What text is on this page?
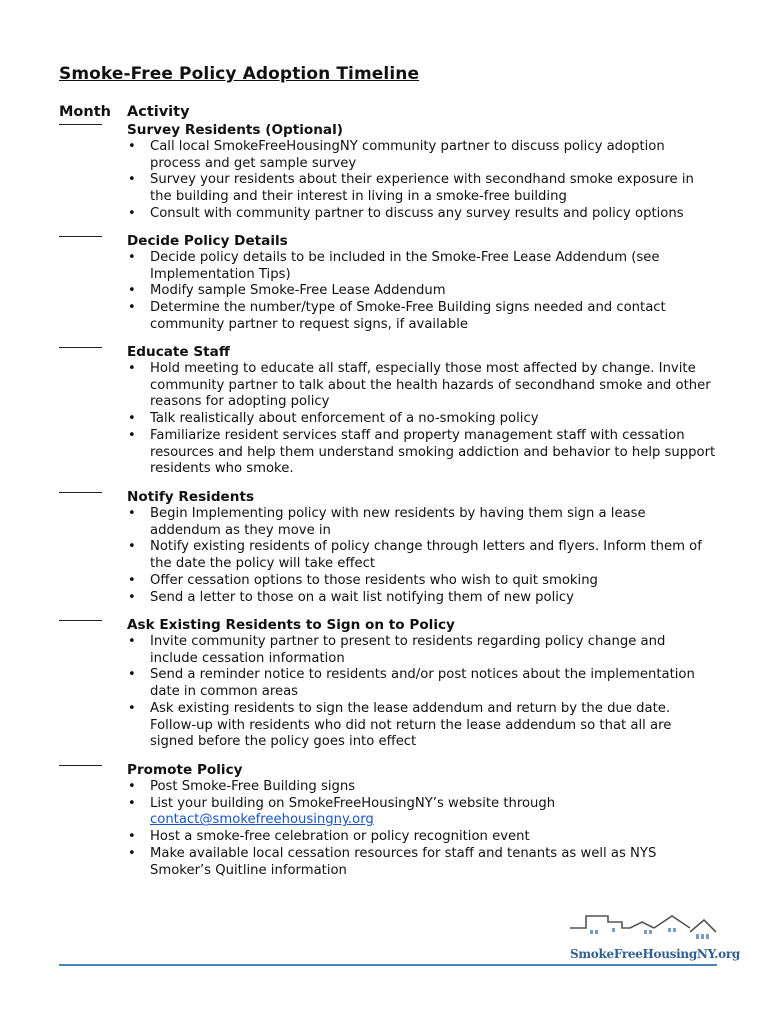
Smoke-Free Policy Adoption Timeline
Month Activity
Survey Residents (Optional)
• Call local SmokeFreeHousingNY community partner to discuss policy adoption process and get sample survey
• Survey your residents about their experience with secondhand smoke exposure in the building and their interest in living in a smoke-free building
• Consult with community partner to discuss any survey results and policy options
Decide Policy Details
• Decide policy details to be included in the Smoke-Free Lease Addendum (see Implementation Tips)
• Modify sample Smoke-Free Lease Addendum
• Determine the number/type of Smoke-Free Building signs needed and contact community partner to request signs, if available
Educate Staff
• Hold meeting to educate all staff, especially those most affected by change. Invite community partner to talk about the health hazards of secondhand smoke and other reasons for adopting policy
• Talk realistically about enforcement of a no-smoking policy
• Familiarize resident services staff and property management staff with cessation resources and help them understand smoking addiction and behavior to help support residents who smoke.
Notify Residents
• Begin Implementing policy with new residents by having them sign a lease addendum as they move in
• Notify existing residents of policy change through letters and flyers. Inform them of the date the policy will take effect
• Offer cessation options to those residents who wish to quit smoking
• Send a letter to those on a wait list notifying them of new policy
Ask Existing Residents to Sign on to Policy
• Invite community partner to present to residents regarding policy change and include cessation information
• Send a reminder notice to residents and/or post notices about the implementation date in common areas
• Ask existing residents to sign the lease addendum and return by the due date. Follow-up with residents who did not return the lease addendum so that all are signed before the policy goes into effect
Promote Policy
• Post Smoke-Free Building signs
• List your building on SmokeFreeHousingNY’s website through
contact@smokefreehousingny.org
• Host a smoke-free celebration or policy recognition event
• Make available local cessation resources for staff and tenants as well as NYS Smoker’s Quitline information
SmokeFreeHousingNY.org
